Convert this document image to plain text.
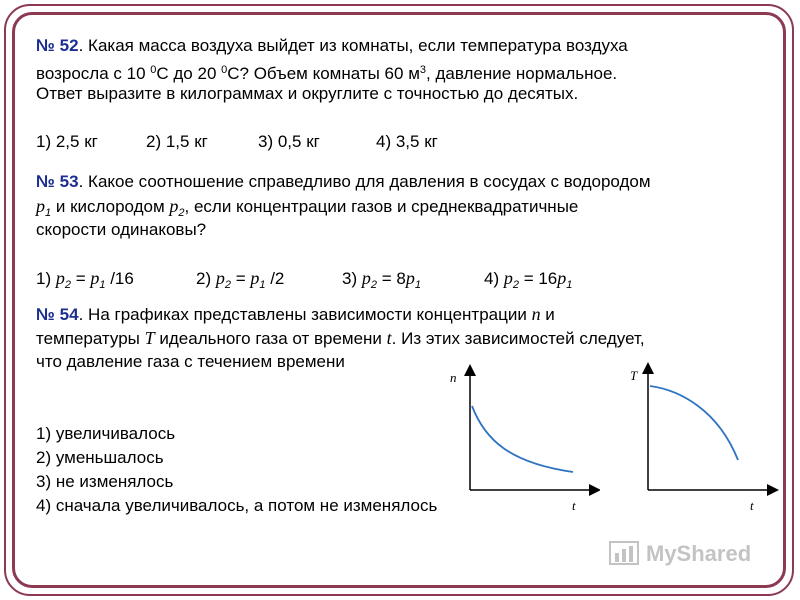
№ 52. Какая масса воздуха выйдет из комнаты, если температура воздуха
возросла с 10 $^0$С до 20 $^0$С? Объем комнаты 60 $м^3$, давление нормальное.
Ответ выразите в килограммах и округлите с точностью до десятых.
1) 2,5 кг	2) 1,5 кг	3) 0,5 кг	4) 3,5 кг
№ 53. Какое соотношение справедливо для давления в сосудах с водородом
$p_1$ и кислородом $p_2$, если концентрации газов и среднеквадратичные
скорости одинаковы?
1) $p_2 = p_1$ /16	2) $p_2 = p_1$ /2	3) $p_2 = 8p_1$	4) $p_2 = 16p_1$
№ 54. На графиках представлены зависимости концентрации n и
температуры T идеального газа от времени t. Из этих зависимостей следует,
что давление газа с течением времени
1) увеличивалось
2) уменьшалось
3) не изменялось
4) сначала увеличивалось, а потом не изменялось
n
t
T
t
MyShared
